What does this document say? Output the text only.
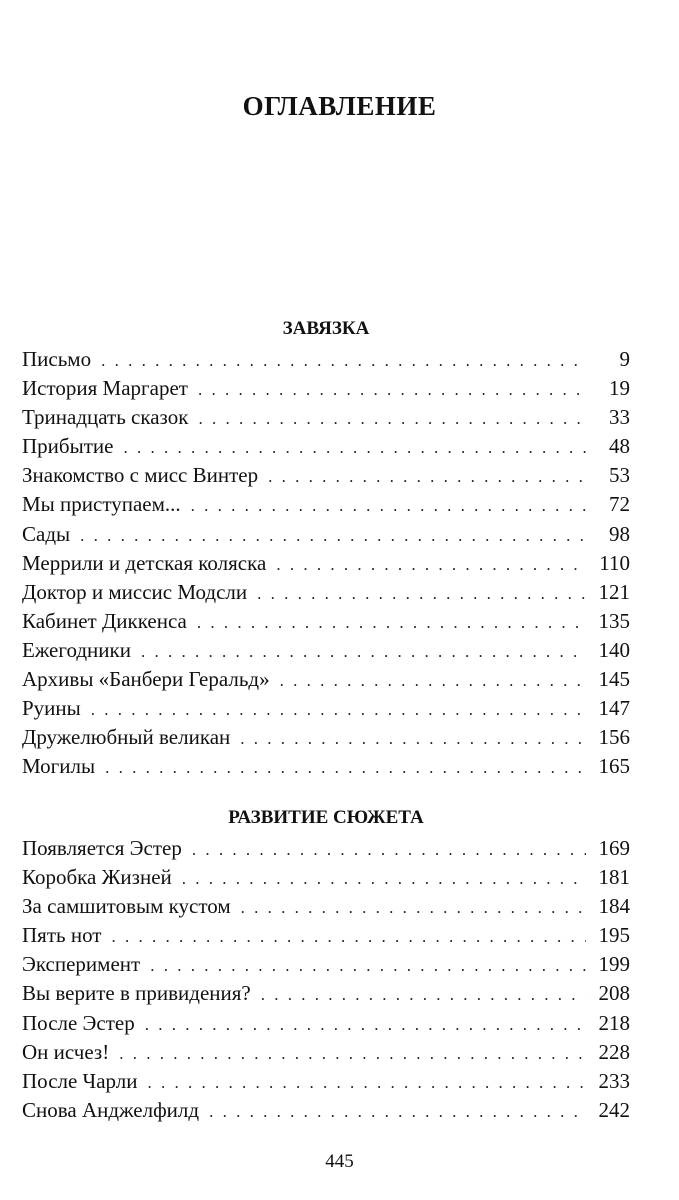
ОГЛАВЛЕНИЕ
ЗАВЯЗКА
Письмо . . .	9
История Маргарет . . .	19
Тринадцать сказок . . .	33
Прибытие . . .	48
Знакомство с мисс Винтер . . .	53
Мы приступаем... . . .	72
Сады . . .	98
Меррили и детская коляска . . .	110
Доктор и миссис Модсли . . .	121
Кабинет Диккенса . . .	135
Ежегодники . . .	140
Архивы «Банбери Геральд» . . .	145
Руины . . .	147
Дружелюбный великан . . .	156
Могилы . . .	165
РАЗВИТИЕ СЮЖЕТА
Появляется Эстер . . .	169
Коробка Жизней . . .	181
За самшитовым кустом . . .	184
Пять нот . . .	195
Эксперимент . . .	199
Вы верите в привидения? . . .	208
После Эстер . . .	218
Он исчез! . . .	228
После Чарли . . .	233
Снова Анджелфилд . . .	242
445
